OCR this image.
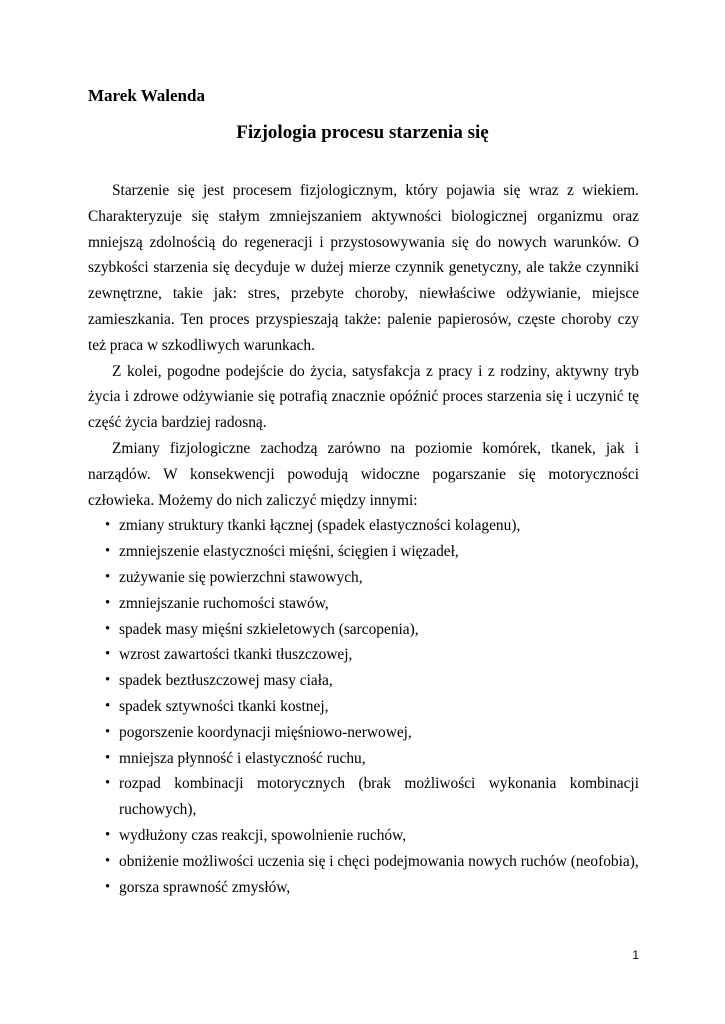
Marek Walenda
Fizjologia procesu starzenia się

Starzenie się jest procesem fizjologicznym, który pojawia się wraz z wiekiem. Charakteryzuje się stałym zmniejszaniem aktywności biologicznej organizmu oraz mniejszą zdolnością do regeneracji i przystosowywania się do nowych warunków. O szybkości starzenia się decyduje w dużej mierze czynnik genetyczny, ale także czynniki zewnętrzne, takie jak: stres, przebyte choroby, niewłaściwe odżywianie, miejsce zamieszkania. Ten proces przyspieszają także: palenie papierosów, częste choroby czy też praca w szkodliwych warunkach.

Z kolei, pogodne podejście do życia, satysfakcja z pracy i z rodziny, aktywny tryb życia i zdrowe odżywianie się potrafią znacznie opóźnić proces starzenia się i uczynić tę część życia bardziej radosną.

Zmiany fizjologiczne zachodzą zarówno na poziomie komórek, tkanek, jak i narządów. W konsekwencji powodują widoczne pogarszanie się motoryczności człowieka. Możemy do nich zaliczyć między innymi:

• zmiany struktury tkanki łącznej (spadek elastyczności kolagenu),
• zmniejszenie elastyczności mięśni, ścięgien i więzadeł,
• zużywanie się powierzchni stawowych,
• zmniejszanie ruchomości stawów,
• spadek masy mięśni szkieletowych (sarcopenia),
• wzrost zawartości tkanki tłuszczowej,
• spadek beztłuszczowej masy ciała,
• spadek sztywności tkanki kostnej,
• pogorszenie koordynacji mięśniowo-nerwowej,
• mniejsza płynność i elastyczność ruchu,
• rozpad kombinacji motorycznych (brak możliwości wykonania kombinacji ruchowych),
• wydłużony czas reakcji, spowolnienie ruchów,
• obniżenie możliwości uczenia się i chęci podejmowania nowych ruchów (neofobia),
• gorsza sprawność zmysłów,
1
